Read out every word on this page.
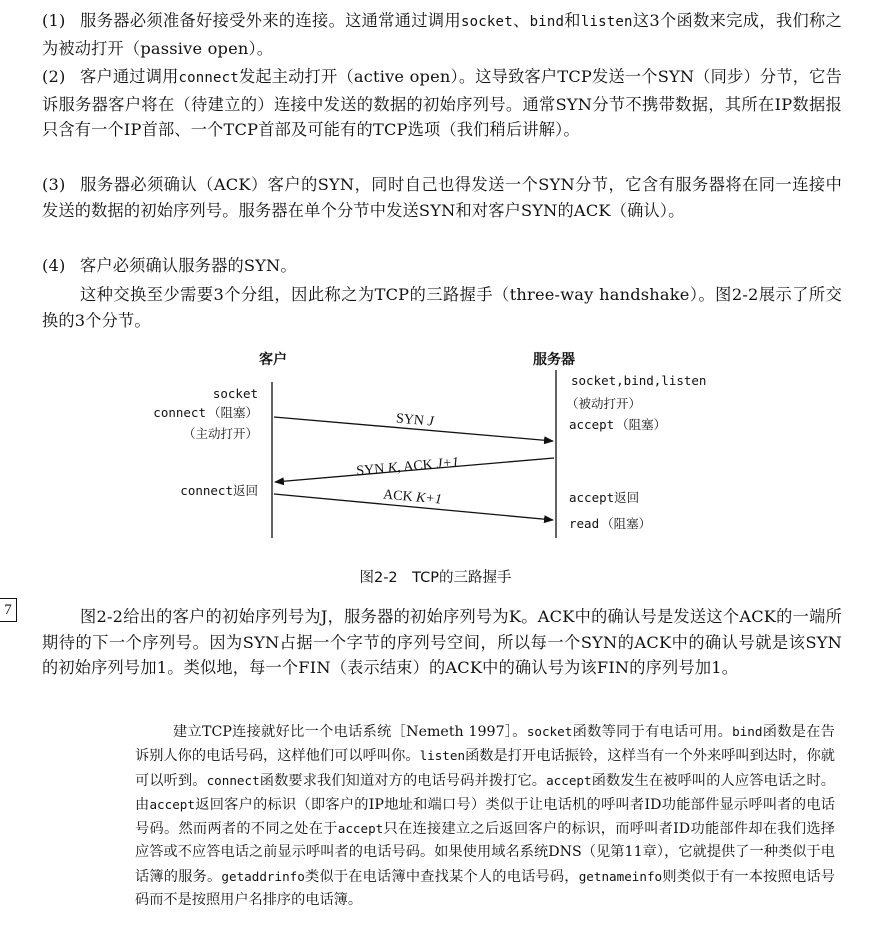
(1) 服务器必须准备好接受外来的连接。这通常通过调用socket、bind和listen这3个函数来完成，我们称之为被动打开（passive open）。
(2) 客户通过调用connect发起主动打开（active open）。这导致客户TCP发送一个SYN（同步）分节，它告诉服务器客户将在（待建立的）连接中发送的数据的初始序列号。通常SYN分节不携带数据，其所在IP数据报只含有一个IP首部、一个TCP首部及可能有的TCP选项（我们稍后讲解）。
(3) 服务器必须确认（ACK）客户的SYN，同时自己也得发送一个SYN分节，它含有服务器将在同一连接中发送的数据的初始序列号。服务器在单个分节中发送SYN和对客户SYN的ACK（确认）。
(4) 客户必须确认服务器的SYN。
这种交换至少需要3个分组，因此称之为TCP的三路握手（three-way handshake）。图2-2展示了所交换的3个分节。
客户	服务器
socket
connect （阻塞）
（主动打开）
connect返回
socket,bind,listen
（被动打开）
accept （阻塞）
accept返回
read （阻塞）
SYN J
SYN K, ACK J+1
ACK K+1
图2-2　TCP的三路握手
7	图2-2给出的客户的初始序列号为J，服务器的初始序列号为K。ACK中的确认号是发送这个ACK的一端所期待的下一个序列号。因为SYN占据一个字节的序列号空间，所以每一个SYN的ACK中的确认号就是该SYN的初始序列号加1。类似地，每一个FIN（表示结束）的ACK中的确认号为该FIN的序列号加1。
建立TCP连接就好比一个电话系统［Nemeth 1997］。socket函数等同于有电话可用。bind函数是在告诉别人你的电话号码，这样他们可以呼叫你。listen函数是打开电话振铃，这样当有一个外来呼叫到达时，你就可以听到。connect函数要求我们知道对方的电话号码并拨打它。accept函数发生在被呼叫的人应答电话之时。由accept返回客户的标识（即客户的IP地址和端口号）类似于让电话机的呼叫者ID功能部件显示呼叫者的电话号码。然而两者的不同之处在于accept只在连接建立之后返回客户的标识，而呼叫者ID功能部件却在我们选择应答或不应答电话之前显示呼叫者的电话号码。如果使用域名系统DNS（见第11章），它就提供了一种类似于电话簿的服务。getaddrinfo类似于在电话簿中查找某个人的电话号码，getnameinfo则类似于有一本按照电话号码而不是按照用户名排序的电话簿。
